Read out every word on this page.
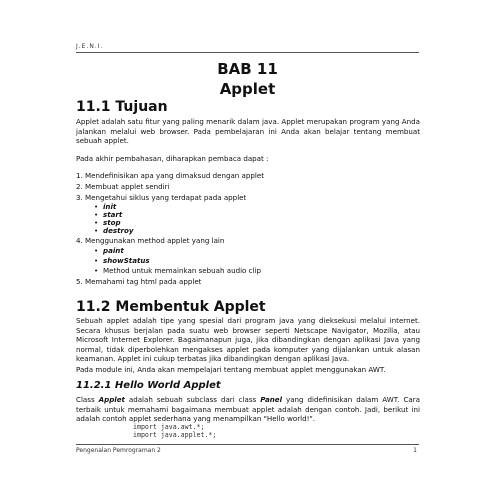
J.E.N.I.
BAB 11
Applet
11.1 Tujuan
Applet adalah satu fitur yang paling menarik dalam java. Applet merupakan program yang Anda jalankan melalui web browser. Pada pembelajaran ini Anda akan belajar tentang membuat sebuah applet.
Pada akhir pembahasan, diharapkan pembaca dapat :
1. Mendefinisikan apa yang dimaksud dengan applet
2. Membuat applet sendiri
3. Mengetahui siklus yang terdapat pada applet
• init
• start
• stop
• destroy
4. Menggunakan method applet yang lain
• paint
• showStatus
• Method untuk memainkan sebuah audio clip
5. Memahami tag html pada applet
11.2 Membentuk Applet
Sebuah applet adalah tipe yang spesial dari program java yang dieksekusi melalui internet. Secara khusus berjalan pada suatu web browser seperti Netscape Navigator, Mozilla, atau Microsoft Internet Explorer. Bagaimanapun juga, jika dibandingkan dengan aplikasi Java yang normal, tidak diperbolehkan mengakses applet pada komputer yang dijalankan untuk alasan keamanan. Applet ini cukup terbatas jika dibandingkan dengan aplikasi Java.
Pada module ini, Anda akan mempelajari tentang membuat applet menggunakan AWT.
11.2.1 Hello World Applet
Class Applet adalah sebuah subclass dari class Panel yang didefinisikan dalam AWT. Cara terbaik untuk memahami bagaimana membuat applet adalah dengan contoh. Jadi, berikut ini adalah contoh applet sederhana yang menampilkan "Hello world!".
import java.awt.*;
import java.applet.*;
Pengenalan Pemrograman 2	1
